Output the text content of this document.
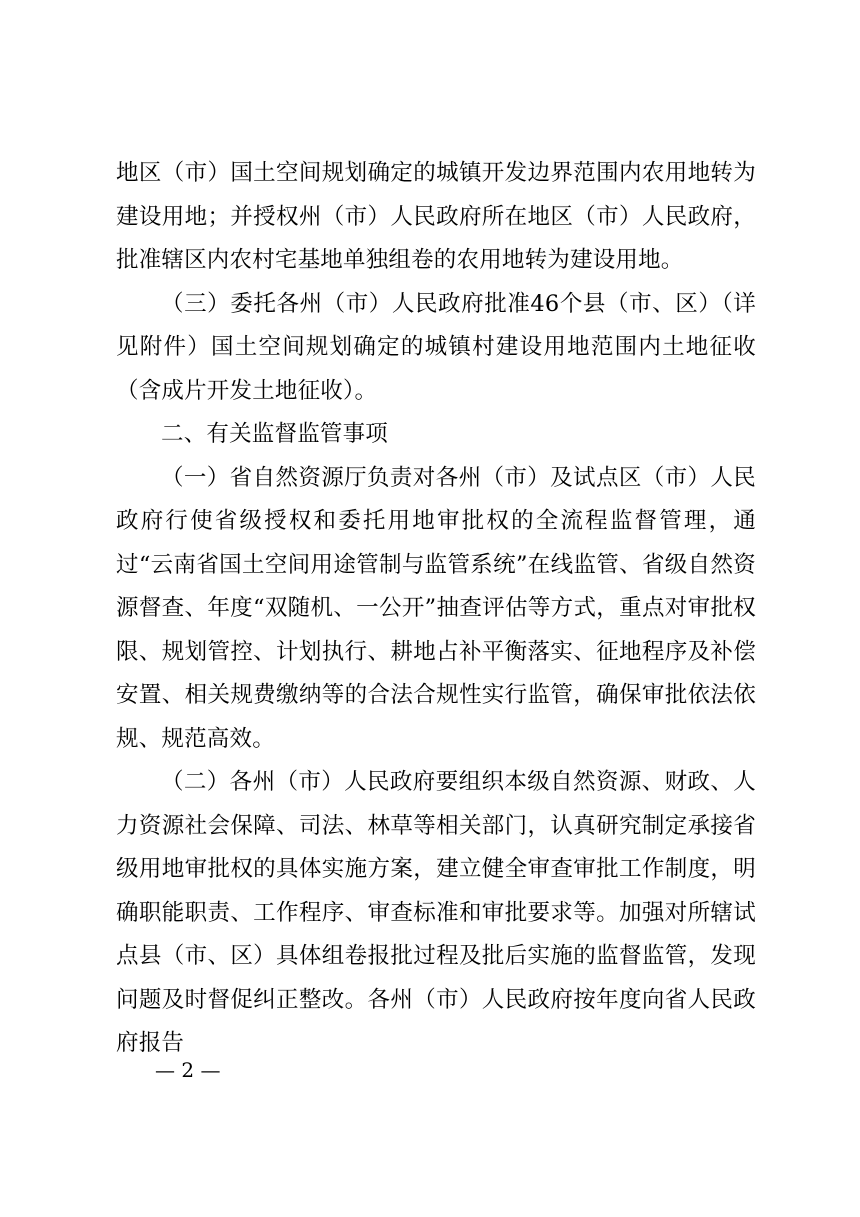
地区（市）国土空间规划确定的城镇开发边界范围内农用地转为建设用地；并授权州（市）人民政府所在地区（市）人民政府，批准辖区内农村宅基地单独组卷的农用地转为建设用地。

（三）委托各州（市）人民政府批准46个县（市、区）（详见附件）国土空间规划确定的城镇村建设用地范围内土地征收（含成片开发土地征收）。

二、有关监督监管事项

（一）省自然资源厅负责对各州（市）及试点区（市）人民政府行使省级授权和委托用地审批权的全流程监督管理，通过“云南省国土空间用途管制与监管系统”在线监管、省级自然资源督查、年度“双随机、一公开”抽查评估等方式，重点对审批权限、规划管控、计划执行、耕地占补平衡落实、征地程序及补偿安置、相关规费缴纳等的合法合规性实行监管，确保审批依法依规、规范高效。

（二）各州（市）人民政府要组织本级自然资源、财政、人力资源社会保障、司法、林草等相关部门，认真研究制定承接省级用地审批权的具体实施方案，建立健全审查审批工作制度，明确职能职责、工作程序、审查标准和审批要求等。加强对所辖试点县（市、区）具体组卷报批过程及批后实施的监督监管，发现问题及时督促纠正整改。各州（市）人民政府按年度向省人民政府报告

— 2 —
